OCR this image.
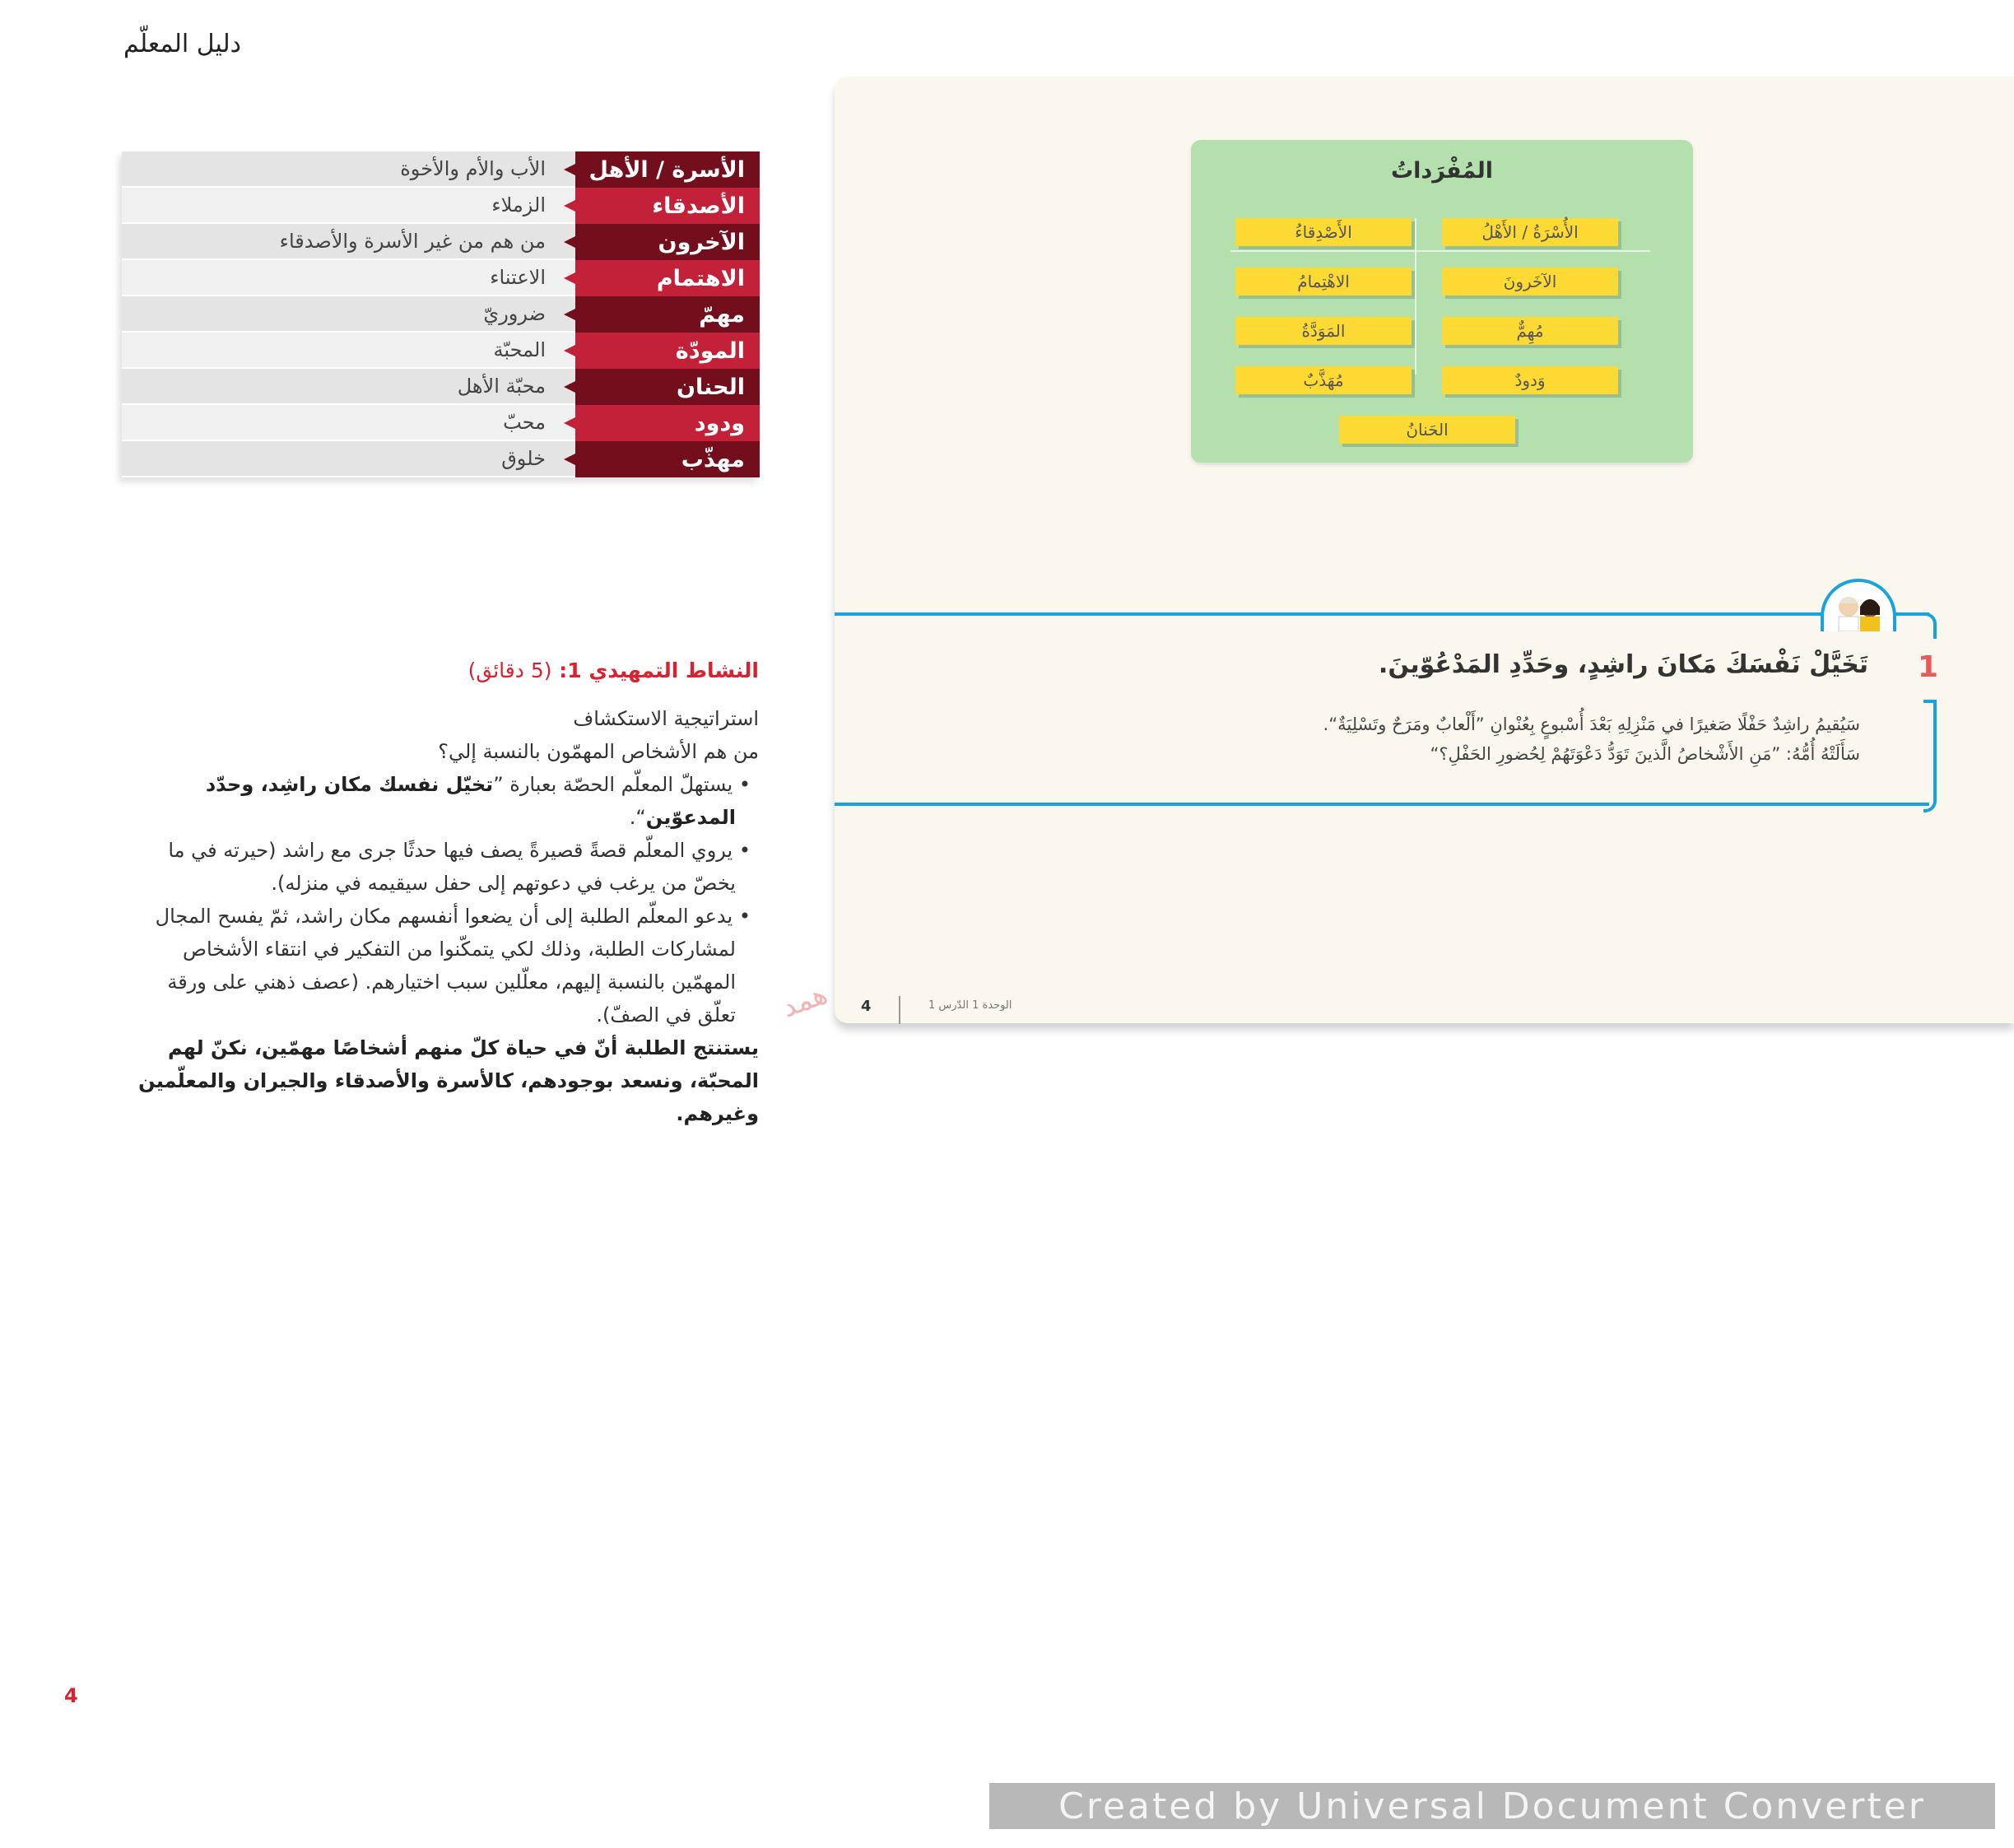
دليل المعلّم
الأسرة / الأهل
الأب والأم والأخوة
الأصدقاء
الزملاء
الآخرون
من هم من غير الأسرة والأصدقاء
الاهتمام
الاعتناء
مهمّ
ضروريّ
المودّة
المحبّة
الحنان
محبّة الأهل
ودود
محبّ
مهذّب
خلوق
النشاط التمهيدي 1: (5 دقائق)
استراتيجية الاستكشاف
من هم الأشخاص المهمّون بالنسبة إلي؟
• يستهلّ المعلّم الحصّة بعبارة ”تخيّل نفسك مكان راشِد، وحدّد المدعوّين“.
• يروي المعلّم قصةً قصيرةً يصف فيها حدثًا جرى مع راشد (حيرته في ما يخصّ من يرغب في دعوتهم إلى حفل سيقيمه في منزله).
• يدعو المعلّم الطلبة إلى أن يضعوا أنفسهم مكان راشد، ثمّ يفسح المجال لمشاركات الطلبة، وذلك لكي يتمكّنوا من التفكير في انتقاء الأشخاص المهمّين بالنسبة إليهم، معلّلين سبب اختيارهم. (عصف ذهني على ورقة تعلّق في الصفّ).
يستنتج الطلبة أنّ في حياة كلّ منهم أشخاصًا مهمّين، نكنّ لهم المحبّة، ونسعد بوجودهم، كالأسرة والأصدقاء والجيران والمعلّمين وغيرهم.
4
المُفْرَداتُ
الأُسْرَةُ / الأَهْلُ
الأَصْدِقاءُ
الآخَرونَ
الاهْتِمامُ
مُهِمٌّ
المَوَدَّةُ
وَدودٌ
مُهَذَّبٌ
الحَنانُ
1
تَخَيَّلْ نَفْسَكَ مَكانَ راشِدٍ، وحَدِّدِ المَدْعُوّينَ.
سَيُقيمُ راشِدٌ حَفْلًا صَغيرًا في مَنْزِلِهِ بَعْدَ أُسْبوعٍ بِعُنْوانِ ”أَلْعابٌ ومَرَحٌ وتَسْلِيَةٌ“.
سَأَلَتْهُ أُمُّهُ: ”مَنِ الأَشْخاصُ الَّذينَ تَوَدُّ دَعْوَتَهُمْ لِحُضورِ الحَفْلِ؟“
4	الوحدة 1 الدّرس 1
ﻫﻤﺪ
Created by Universal Document Converter
